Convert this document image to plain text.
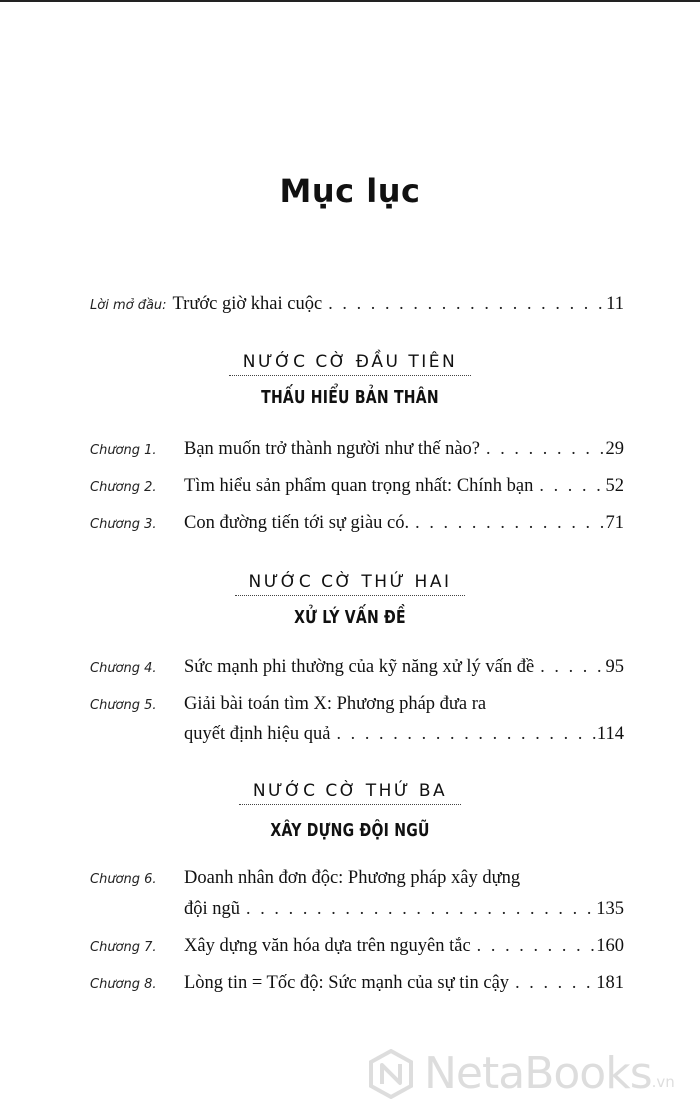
Mục lục
Lời mở đầu: Trước giờ khai cuộc . . .	11
NƯỚC CỜ ĐẦU TIÊN
THẤU HIỂU BẢN THÂN
Chương 1.	Bạn muốn trở thành người như thế nào? . . .	29
Chương 2.	Tìm hiểu sản phẩm quan trọng nhất: Chính bạn . . .	52
Chương 3.	Con đường tiến tới sự giàu có. . . .	71
NƯỚC CỜ THỨ HAI
XỬ LÝ VẤN ĐỀ
Chương 4.	Sức mạnh phi thường của kỹ năng xử lý vấn đề . . .	95
Chương 5.	Giải bài toán tìm X: Phương pháp đưa ra
quyết định hiệu quả . . .	114
NƯỚC CỜ THỨ BA
XÂY DỰNG ĐỘI NGŨ
Chương 6.	Doanh nhân đơn độc: Phương pháp xây dựng
đội ngũ . . .	135
Chương 7.	Xây dựng văn hóa dựa trên nguyên tắc . . .	160
Chương 8.	Lòng tin = Tốc độ: Sức mạnh của sự tin cậy . . .	181
NetaBooks .vn
